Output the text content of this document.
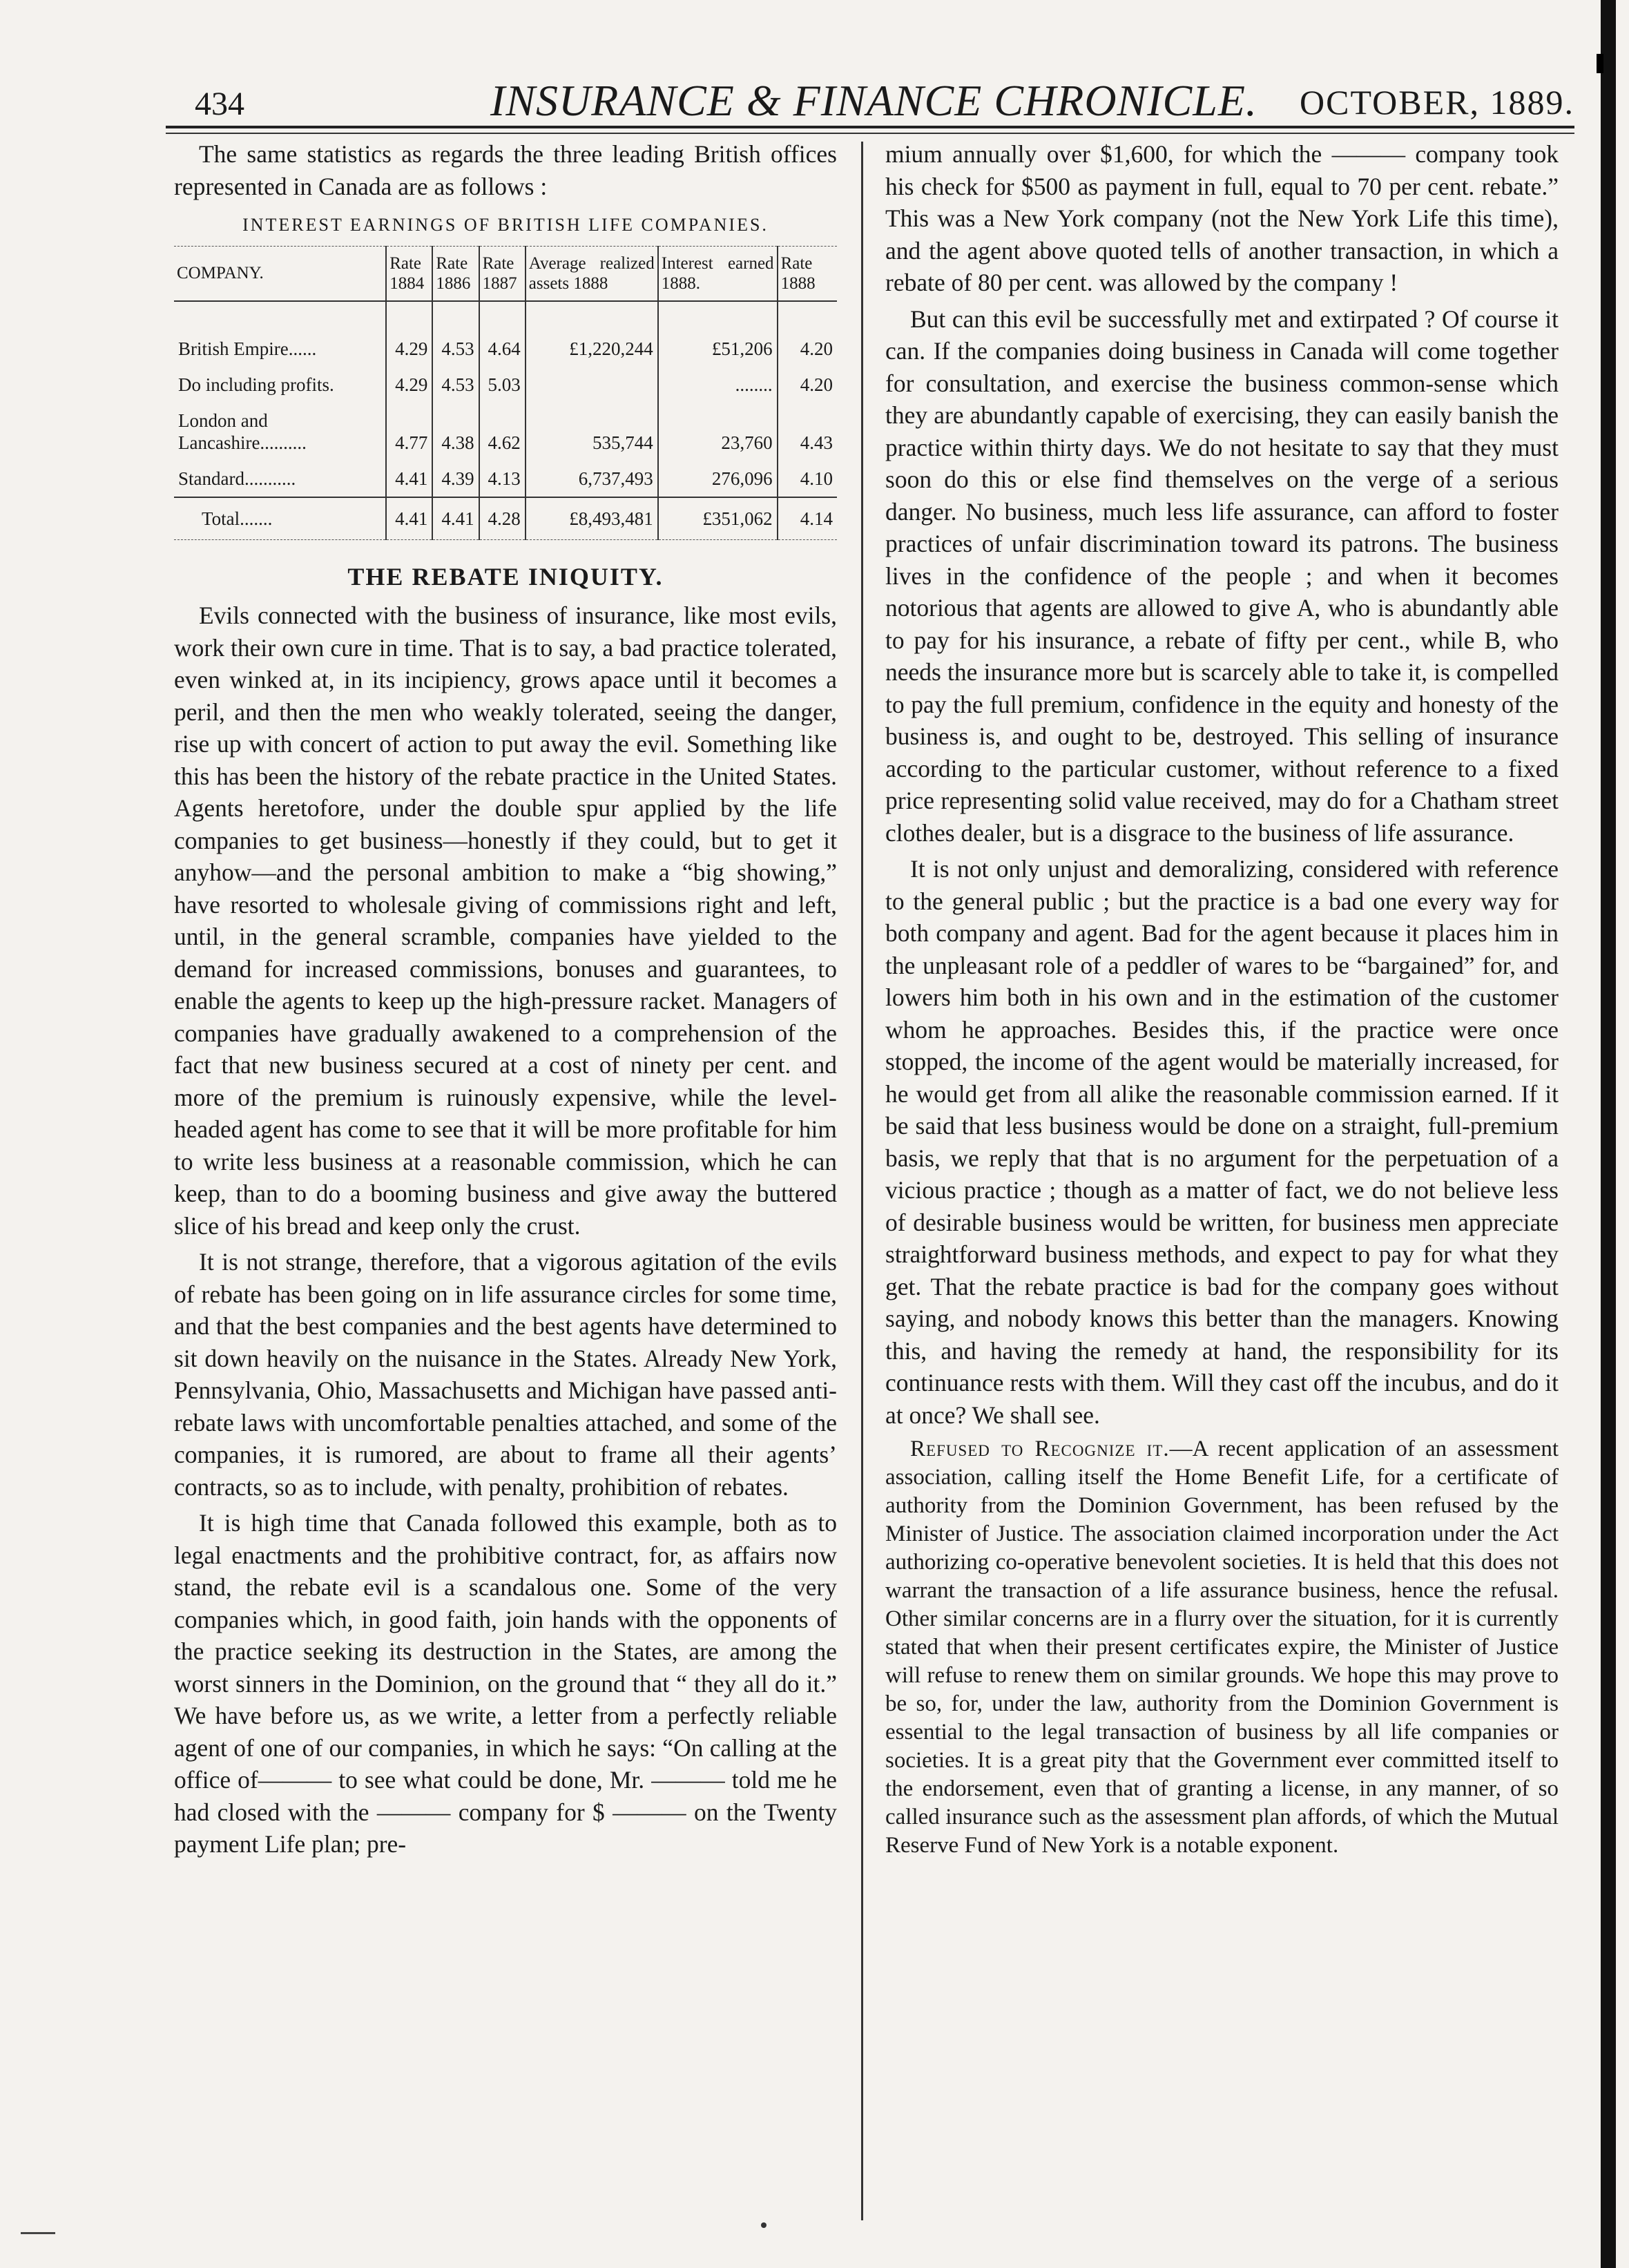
434	INSURANCE & FINANCE CHRONICLE. OCTOBER, 1889.

The same statistics as regards the three leading British offices represented in Canada are as follows :

INTEREST EARNINGS OF BRITISH LIFE COMPANIES.
COMPANY.	Rate 1884	Rate 1886	Rate 1887	Average realized assets 1888	Interest earned 1888.	Rate 1888

British Empire......	4.29	4.53	4.64	£1,220,244	£51,206	4.20
Do including profits.	4.29	4.53	5.03		........	4.20
London and Lancashire..........	4.77	4.38	4.62	535,744	23,760	4.43
Standard...........	4.41	4.39	4.13	6,737,493	276,096	4.10
Total.......	4.41	4.41	4.28	£8,493,481	£351,062	4.14
THE REBATE INIQUITY.

Evils connected with the business of insurance, like most evils, work their own cure in time. That is to say, a bad practice tolerated, even winked at, in its incipiency, grows apace until it becomes a peril, and then the men who weakly tolerated, seeing the danger, rise up with concert of action to put away the evil. Something like this has been the history of the rebate practice in the United States. Agents heretofore, under the double spur applied by the life companies to get business—honestly if they could, but to get it anyhow—and the personal ambition to make a “big showing,” have resorted to wholesale giving of commissions right and left, until, in the general scramble, companies have yielded to the demand for increased commissions, bonuses and guarantees, to enable the agents to keep up the high-pressure racket. Managers of companies have gradually awakened to a comprehension of the fact that new business secured at a cost of ninety per cent. and more of the premium is ruinously expensive, while the level-headed agent has come to see that it will be more profitable for him to write less business at a reasonable commission, which he can keep, than to do a booming business and give away the buttered slice of his bread and keep only the crust.

It is not strange, therefore, that a vigorous agitation of the evils of rebate has been going on in life assurance circles for some time, and that the best companies and the best agents have determined to sit down heavily on the nuisance in the States. Already New York, Pennsylvania, Ohio, Massachusetts and Michigan have passed anti-rebate laws with uncomfortable penalties attached, and some of the companies, it is rumored, are about to frame all their agents’ contracts, so as to include, with penalty, prohibition of rebates.

It is high time that Canada followed this example, both as to legal enactments and the prohibitive contract, for, as affairs now stand, the rebate evil is a scandalous one. Some of the very companies which, in good faith, join hands with the opponents of the practice seeking its destruction in the States, are among the worst sinners in the Dominion, on the ground that “ they all do it.” We have before us, as we write, a letter from a perfectly reliable agent of one of our companies, in which he says: “On calling at the office of——— to see what could be done, Mr. ——— told me he had closed with the ——— company for $ ——— on the Twenty payment Life plan; pre-

mium annually over $1,600, for which the ——— company took his check for $500 as payment in full, equal to 70 per cent. rebate.” This was a New York company (not the New York Life this time), and the agent above quoted tells of another transaction, in which a rebate of 80 per cent. was allowed by the company !

But can this evil be successfully met and extirpated ? Of course it can. If the companies doing business in Canada will come together for consultation, and exercise the business common-sense which they are abundantly capable of exercising, they can easily banish the practice within thirty days. We do not hesitate to say that they must soon do this or else find themselves on the verge of a serious danger. No business, much less life assurance, can afford to foster practices of unfair discrimination toward its patrons. The business lives in the confidence of the people ; and when it becomes notorious that agents are allowed to give A, who is abundantly able to pay for his insurance, a rebate of fifty per cent., while B, who needs the insurance more but is scarcely able to take it, is compelled to pay the full premium, confidence in the equity and honesty of the business is, and ought to be, destroyed. This selling of insurance according to the particular customer, without reference to a fixed price representing solid value received, may do for a Chatham street clothes dealer, but is a disgrace to the business of life assurance.

It is not only unjust and demoralizing, considered with reference to the general public ; but the practice is a bad one every way for both company and agent. Bad for the agent because it places him in the unpleasant role of a peddler of wares to be “bargained” for, and lowers him both in his own and in the estimation of the customer whom he approaches. Besides this, if the practice were once stopped, the income of the agent would be materially increased, for he would get from all alike the reasonable commission earned. If it be said that less business would be done on a straight, full-premium basis, we reply that that is no argument for the perpetuation of a vicious practice ; though as a matter of fact, we do not believe less of desirable business would be written, for business men appreciate straightforward business methods, and expect to pay for what they get. That the rebate practice is bad for the company goes without saying, and nobody knows this better than the managers. Knowing this, and having the remedy at hand, the responsibility for its continuance rests with them. Will they cast off the incubus, and do it at once? We shall see.

Refused to Recognize it.—A recent application of an assessment association, calling itself the Home Benefit Life, for a certificate of authority from the Dominion Government, has been refused by the Minister of Justice. The association claimed incorporation under the Act authorizing co-operative benevolent societies. It is held that this does not warrant the transaction of a life assurance business, hence the refusal. Other similar concerns are in a flurry over the situation, for it is currently stated that when their present certificates expire, the Minister of Justice will refuse to renew them on similar grounds. We hope this may prove to be so, for, under the law, authority from the Dominion Government is essential to the legal transaction of business by all life companies or societies. It is a great pity that the Government ever committed itself to the endorsement, even that of granting a license, in any manner, of so called insurance such as the assessment plan affords, of which the Mutual Reserve Fund of New York is a notable exponent.
